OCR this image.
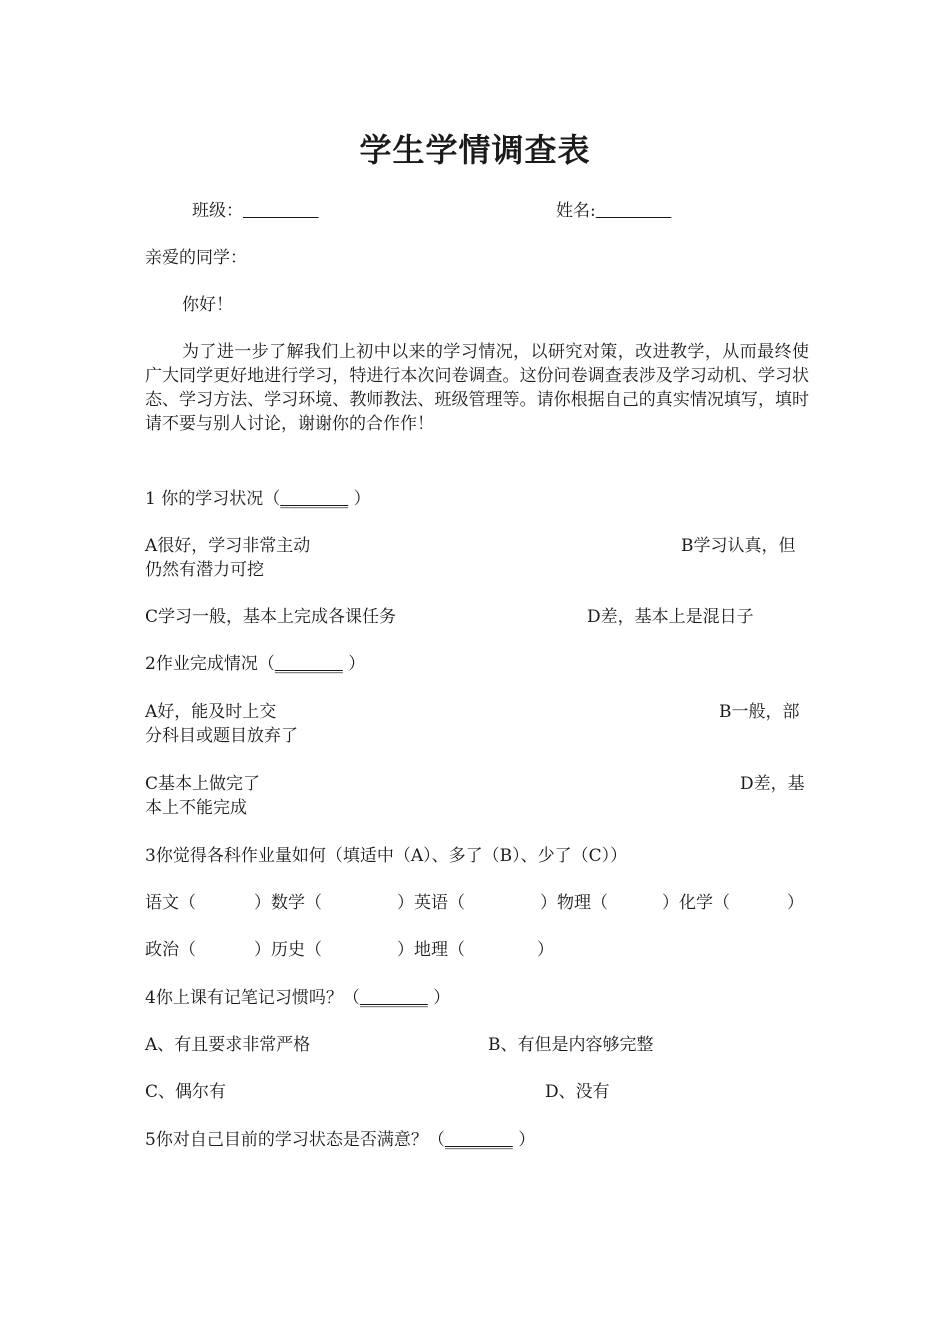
学生学情调查表
班级：	姓名:
亲爱的同学：
你好！
为了进一步了解我们上初中以来的学习情况，以研究对策，改进教学，从而最终使广大同学更好地进行学习，特进行本次问卷调查。这份问卷调查表涉及学习动机、学习状态、学习方法、学习环境、教师教法、班级管理等。请你根据自己的真实情况填写，填时请不要与别人讨论，谢谢你的合作作！
1 你的学习状况（________ ）
A很好，学习非常主动	B学习认真，但
仍然有潜力可挖
C学习一般，基本上完成各课任务	D差，基本上是混日子
2作业完成情况（________ ）
A好，能及时上交	B一般，部
分科目或题目放弃了
C基本上做完了	D差，基
本上不能完成
3你觉得各科作业量如何（填适中（A）、多了（B）、少了（C））
语文（	）数学（	）英语（	）物理（	）化学（	）
政治（	）历史（	）地理（	）
4你上课有记笔记习惯吗？（________ ）
A、有且要求非常严格	B、有但是内容够完整
C、偶尔有	D、没有
5你对自己目前的学习状态是否满意？（________ ）
